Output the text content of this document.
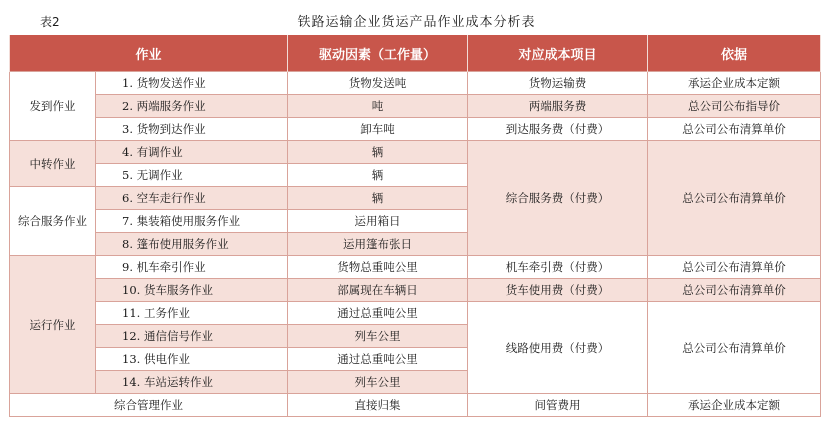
表2	铁路运输企业货运产品作业成本分析表
作业		驱动因素（工作量）	对应成本项目	依据
发到作业	1. 货物发送作业	货物发送吨	货物运输费	承运企业成本定额
	2. 两端服务作业	吨	两端服务费	总公司公布指导价
	3. 货物到达作业	卸车吨	到达服务费（付费）	总公司公布清算单价
中转作业	4. 有调作业	辆	综合服务费（付费）	总公司公布清算单价
	5. 无调作业	辆		
综合服务作业	6. 空车走行作业	辆		
	7. 集装箱使用服务作业	运用箱日		
	8. 篷布使用服务作业	运用篷布张日		
运行作业	9. 机车牵引作业	货物总重吨公里	机车牵引费（付费）	总公司公布清算单价
	10. 货车服务作业	部属现在车辆日	货车使用费（付费）	总公司公布清算单价
	11. 工务作业	通过总重吨公里	线路使用费（付费）	总公司公布清算单价
	12. 通信信号作业	列车公里		
	13. 供电作业	通过总重吨公里		
	14. 车站运转作业	列车公里		
综合管理作业		直接归集	间管费用	承运企业成本定额
